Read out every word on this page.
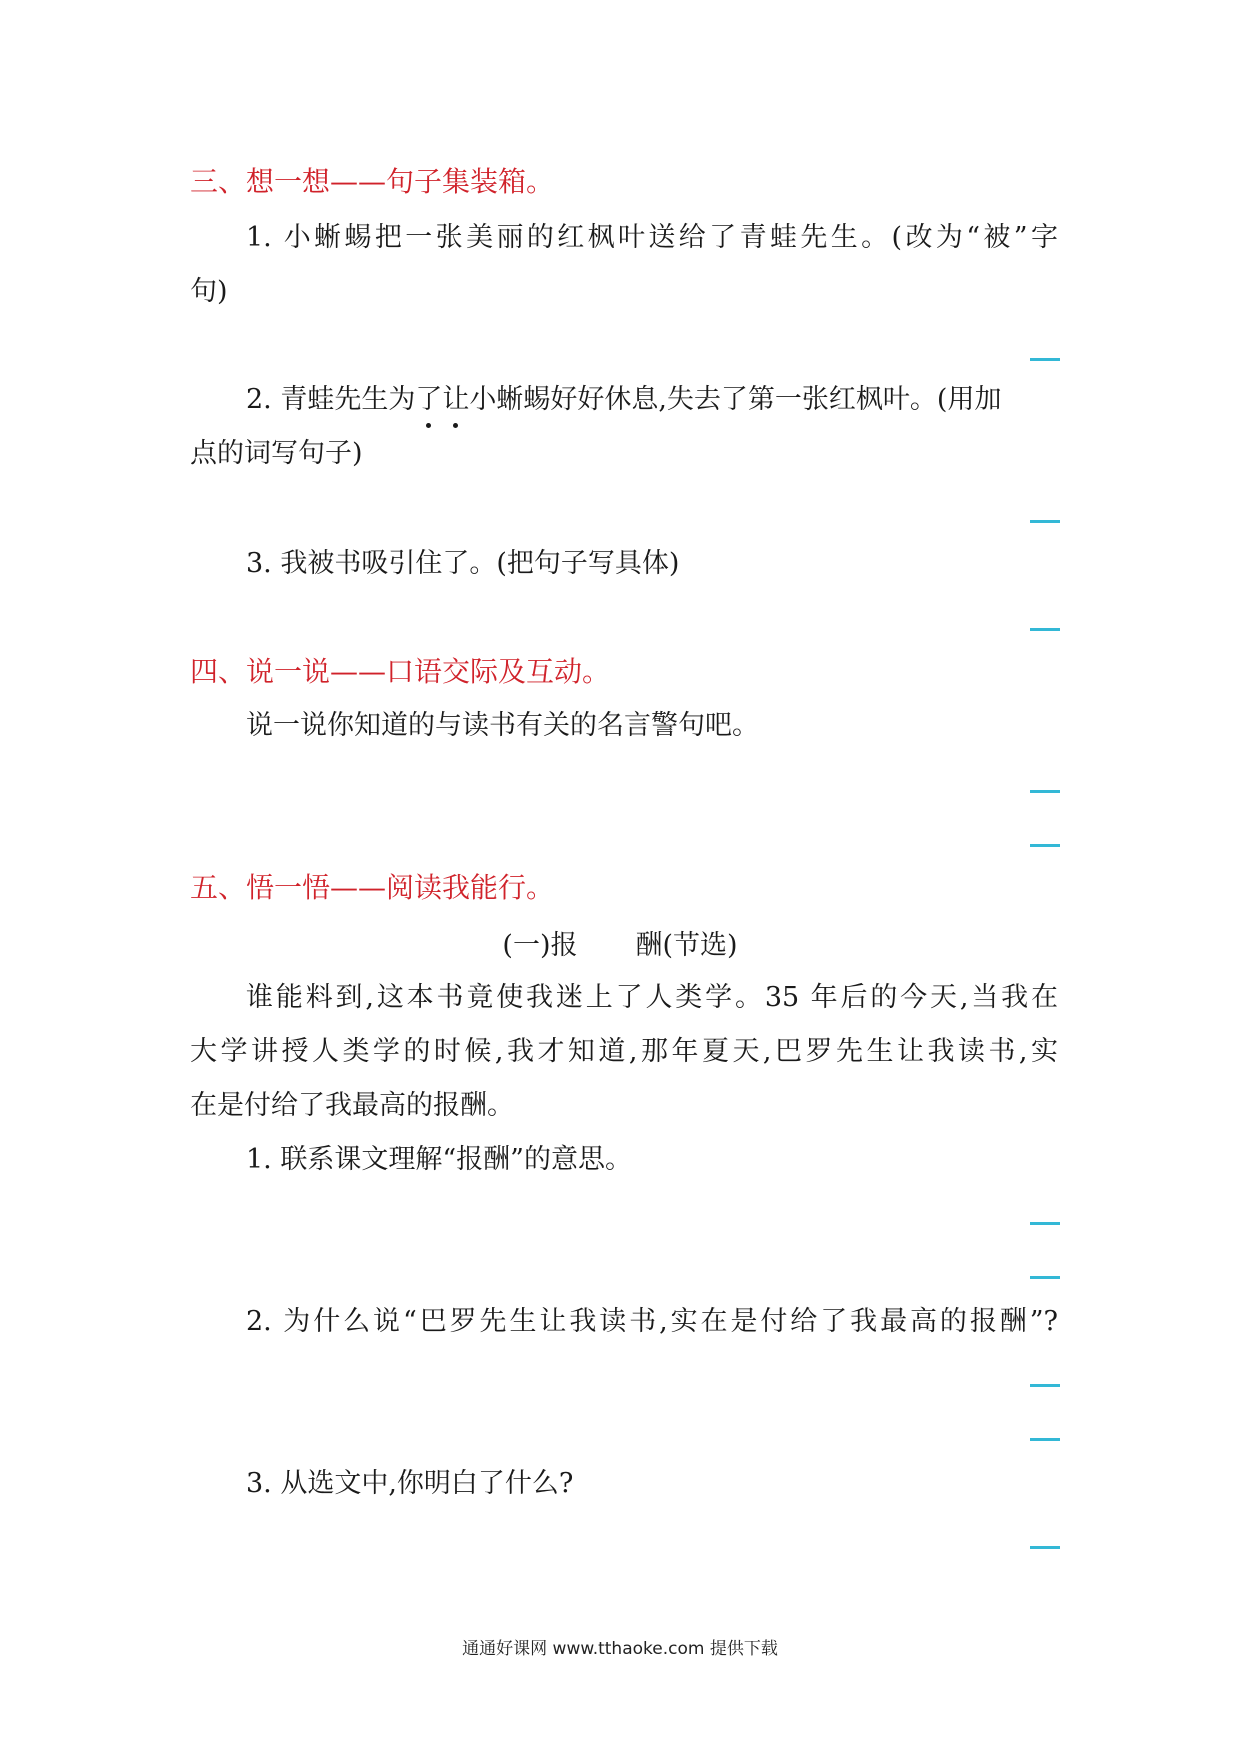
三、想一想——句子集装箱。
1. 小蜥蜴把一张美丽的红枫叶送给了青蛙先生。(改为“被”字
句)
2. 青蛙先生为了让
小蜥蜴好好休息,失去了第一张红枫叶。(用加
点的词写句子)
3. 我被书吸引住了。(把句子写具体)
四、说一说——口语交际及互动。
说一说你知道的与读书有关的名言警句吧。
五、悟一悟——阅读我能行。
(一)报 酬(节选)
谁能料到,这本书竟使我迷上了人类学。35 年后的今天,当我在
大学讲授人类学的时候,我才知道,那年夏天,巴罗先生让我读书,实
在是付给了我最高的报酬。
1. 联系课文理解“报酬”的意思。
2. 为什么说“巴罗先生让我读书,实在是付给了我最高的报酬”?
3. 从选文中,你明白了什么?
通通好课网 www.tthaoke.com 提供下载
